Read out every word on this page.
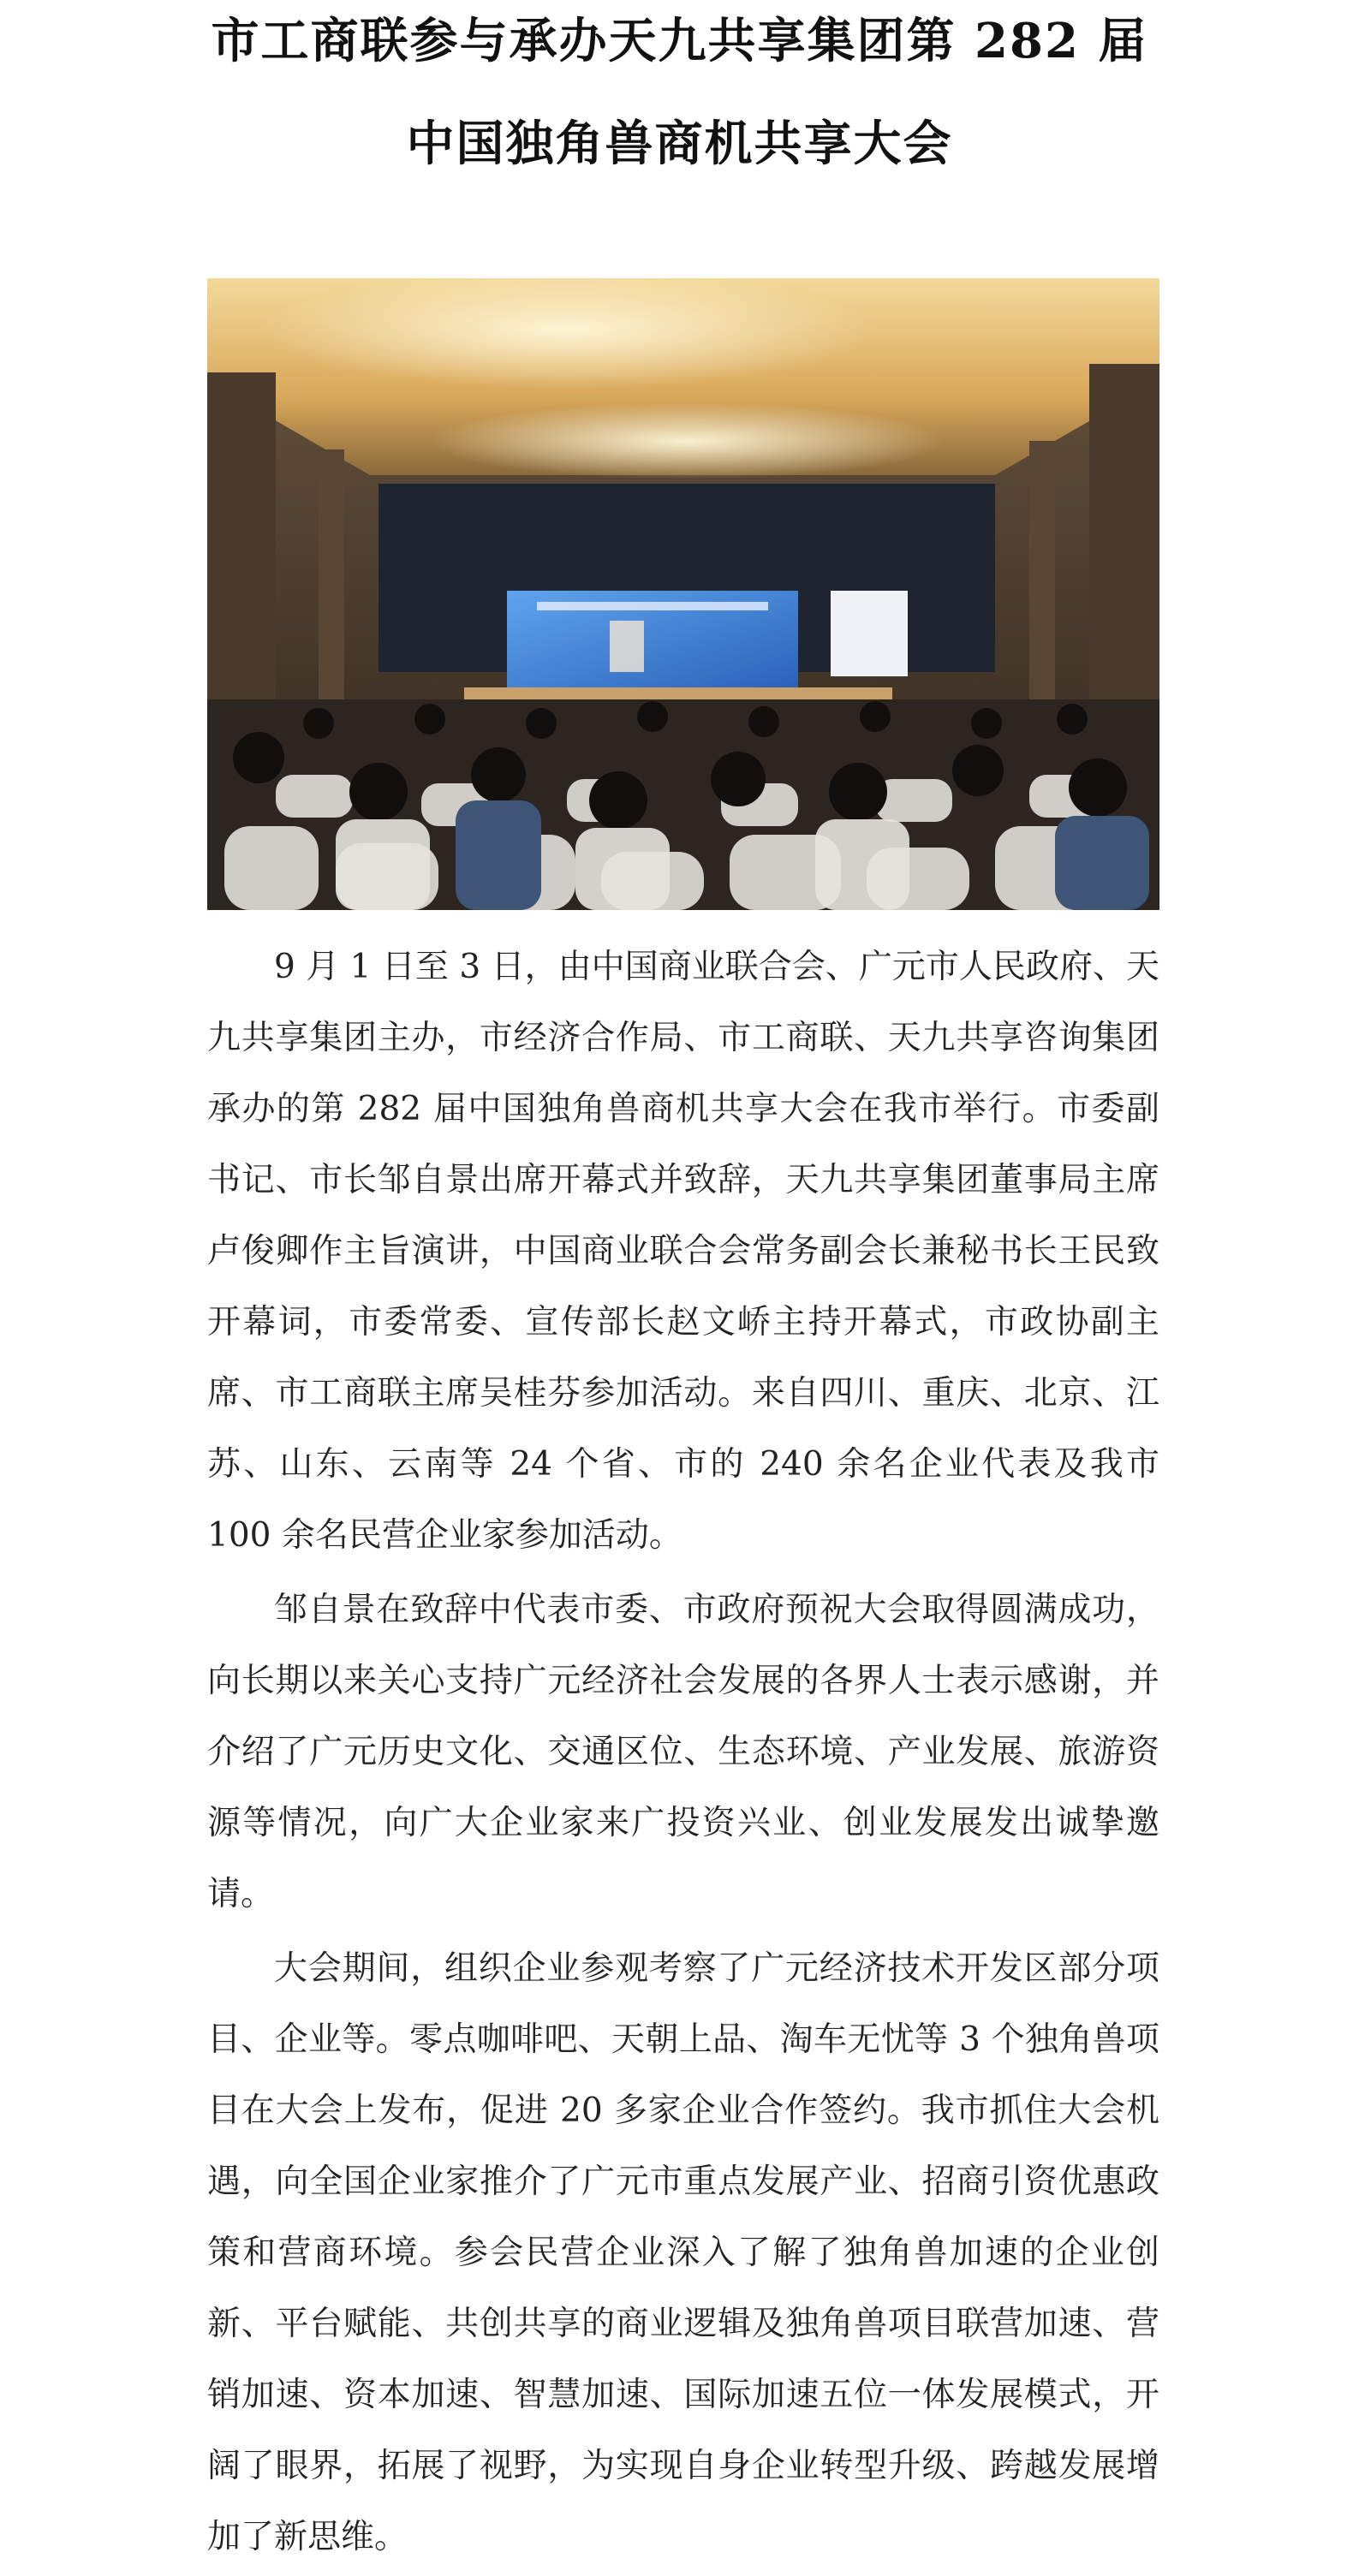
市工商联参与承办天九共享集团第 282 届
中国独角兽商机共享大会

9 月 1 日至 3 日，由中国商业联合会、广元市人民政府、天九共享集团主办，市经济合作局、市工商联、天九共享咨询集团承办的第 282 届中国独角兽商机共享大会在我市举行。市委副书记、市长邹自景出席开幕式并致辞，天九共享集团董事局主席卢俊卿作主旨演讲，中国商业联合会常务副会长兼秘书长王民致开幕词，市委常委、宣传部长赵文峤主持开幕式，市政协副主席、市工商联主席吴桂芬参加活动。来自四川、重庆、北京、江苏、山东、云南等 24 个省、市的 240 余名企业代表及我市 100 余名民营企业家参加活动。

邹自景在致辞中代表市委、市政府预祝大会取得圆满成功，向长期以来关心支持广元经济社会发展的各界人士表示感谢，并介绍了广元历史文化、交通区位、生态环境、产业发展、旅游资源等情况，向广大企业家来广投资兴业、创业发展发出诚挚邀请。

大会期间，组织企业参观考察了广元经济技术开发区部分项目、企业等。零点咖啡吧、天朝上品、淘车无忧等 3 个独角兽项目在大会上发布，促进 20 多家企业合作签约。我市抓住大会机遇，向全国企业家推介了广元市重点发展产业、招商引资优惠政策和营商环境。参会民营企业深入了解了独角兽加速的企业创新、平台赋能、共创共享的商业逻辑及独角兽项目联营加速、营销加速、资本加速、智慧加速、国际加速五位一体发展模式，开阔了眼界，拓展了视野，为实现自身企业转型升级、跨越发展增加了新思维。
